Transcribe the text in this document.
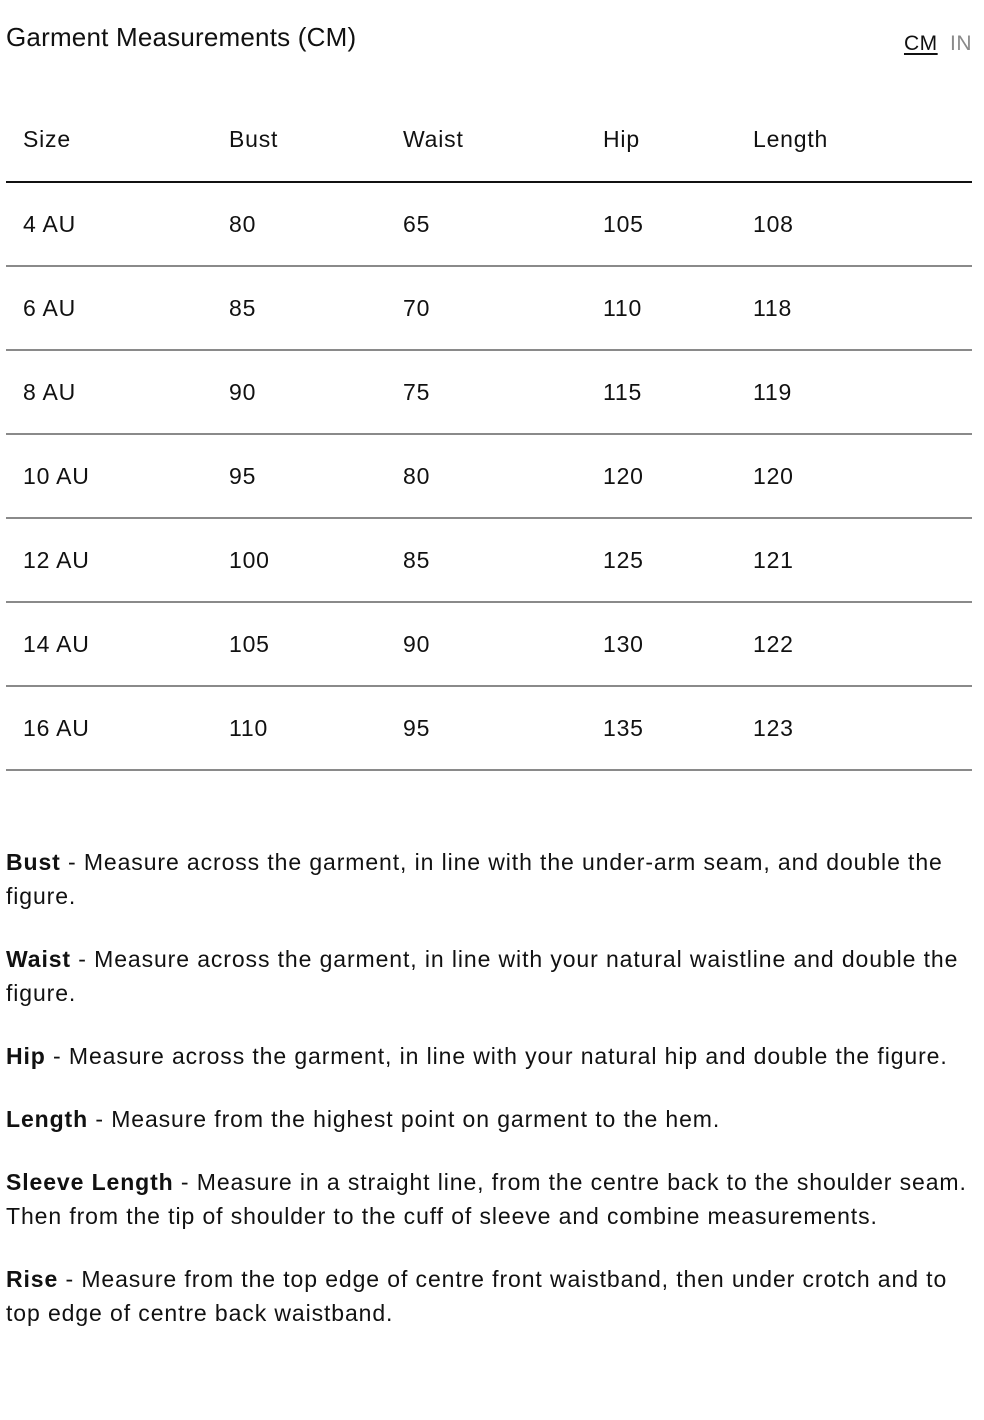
Garment Measurements (CM)	CM IN
Size	Bust	Waist	Hip	Length
4 AU	80	65	105	108
6 AU	85	70	110	118
8 AU	90	75	115	119
10 AU	95	80	120	120
12 AU	100	85	125	121
14 AU	105	90	130	122
16 AU	110	95	135	123

Bust - Measure across the garment, in line with the under-arm seam, and double the figure.

Waist - Measure across the garment, in line with your natural waistline and double the figure.

Hip - Measure across the garment, in line with your natural hip and double the figure.

Length - Measure from the highest point on garment to the hem.

Sleeve Length - Measure in a straight line, from the centre back to the shoulder seam. Then from the tip of shoulder to the cuff of sleeve and combine measurements.

Rise - Measure from the top edge of centre front waistband, then under crotch and to top edge of centre back waistband.
